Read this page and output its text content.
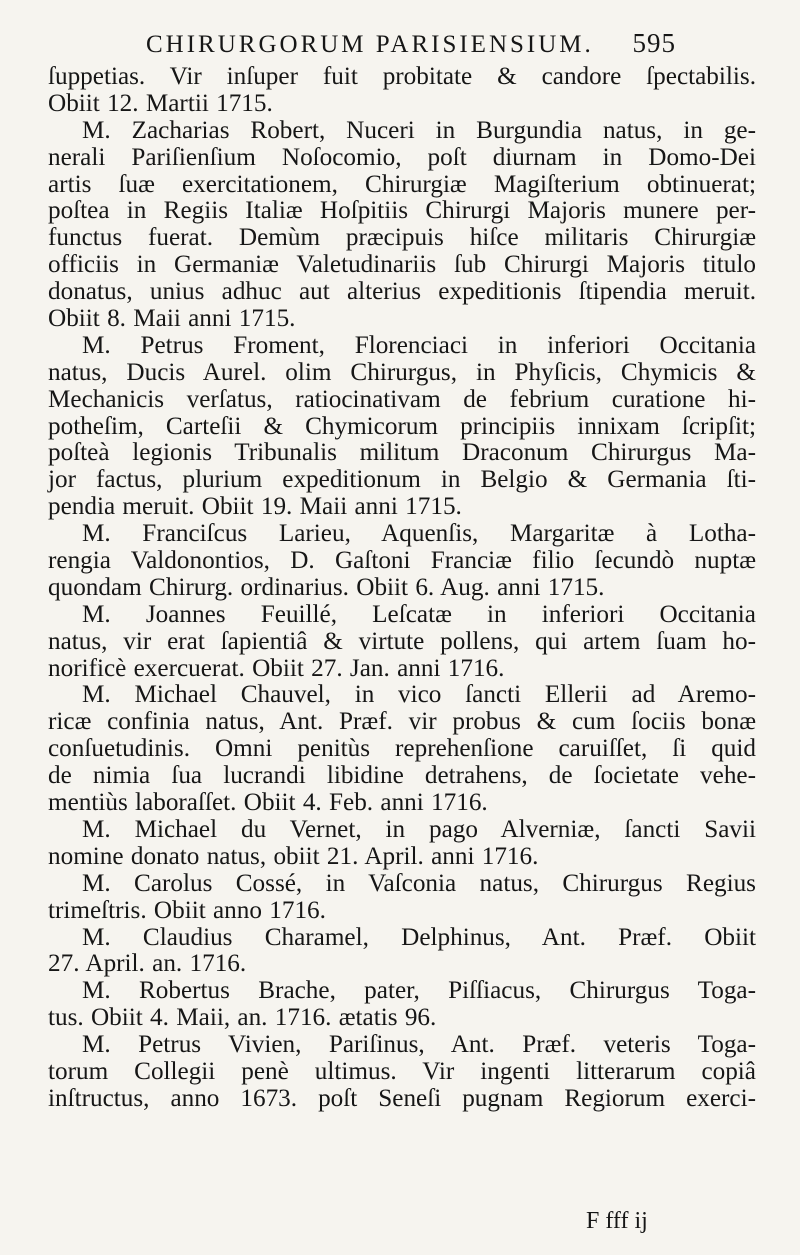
CHIRURGORUM PARISIENSIUM. 595
ſuppetias. Vir inſuper fuit probitate & candore ſpectabilis.
Obiit 12. Martii 1715.
M. Zacharias Robert, Nuceri in Burgundia natus, in ge-
nerali Pariſienſium Noſocomio, poſt diurnam in Domo-Dei
artis ſuæ exercitationem, Chirurgiæ Magiſterium obtinuerat;
poſtea in Regiis Italiæ Hoſpitiis Chirurgi Majoris munere per-
functus fuerat. Demùm præcipuis hiſce militaris Chirurgiæ
officiis in Germaniæ Valetudinariis ſub Chirurgi Majoris titulo
donatus, unius adhuc aut alterius expeditionis ſtipendia meruit.
Obiit 8. Maii anni 1715.
M. Petrus Froment, Florenciaci in inferiori Occitania
natus, Ducis Aurel. olim Chirurgus, in Phyſicis, Chymicis &
Mechanicis verſatus, ratiocinativam de febrium curatione hi-
potheſim, Carteſii & Chymicorum principiis innixam ſcripſit;
poſteà legionis Tribunalis militum Draconum Chirurgus Ma-
jor factus, plurium expeditionum in Belgio & Germania ſti-
pendia meruit. Obiit 19. Maii anni 1715.
M. Franciſcus Larieu, Aquenſis, Margaritæ à Lotha-
rengia Valdonontios, D. Gaſtoni Franciæ filio ſecundò nuptæ
quondam Chirurg. ordinarius. Obiit 6. Aug. anni 1715.
M. Joannes Feuillé, Leſcatæ in inferiori Occitania
natus, vir erat ſapientiâ & virtute pollens, qui artem ſuam ho-
norificè exercuerat. Obiit 27. Jan. anni 1716.
M. Michael Chauvel, in vico ſancti Ellerii ad Aremo-
ricæ confinia natus, Ant. Præf. vir probus & cum ſociis bonæ
conſuetudinis. Omni penitùs reprehenſione caruiſſet, ſi quid
de nimia ſua lucrandi libidine detrahens, de ſocietate vehe-
mentiùs laboraſſet. Obiit 4. Feb. anni 1716.
M. Michael du Vernet, in pago Alverniæ, ſancti Savii
nomine donato natus, obiit 21. April. anni 1716.
M. Carolus Cossé, in Vaſconia natus, Chirurgus Regius
trimeſtris. Obiit anno 1716.
M. Claudius Charamel, Delphinus, Ant. Præf. Obiit
27. April. an. 1716.
M. Robertus Brache, pater, Piſſiacus, Chirurgus Toga-
tus. Obiit 4. Maii, an. 1716. ætatis 96.
M. Petrus Vivien, Pariſinus, Ant. Præf. veteris Toga-
torum Collegii penè ultimus. Vir ingenti litterarum copiâ
inſtructus, anno 1673. poſt Seneſi pugnam Regiorum exerci-
F fff ij
